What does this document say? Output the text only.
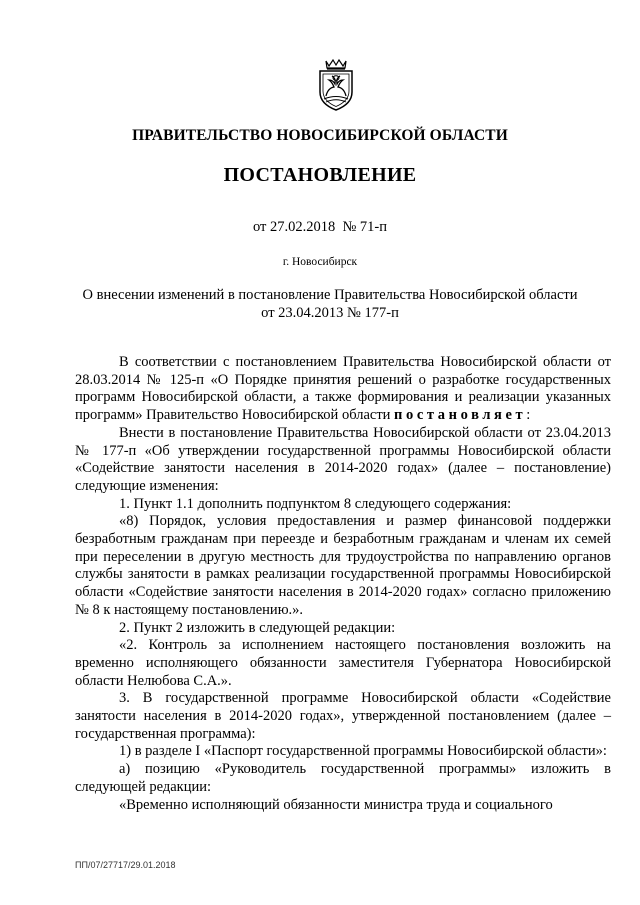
ПРАВИТЕЛЬСТВО НОВОСИБИРСКОЙ ОБЛАСТИ
ПОСТАНОВЛЕНИЕ
от 27.02.2018  № 71-п
г. Новосибирск
О внесении изменений в постановление Правительства Новосибирской области
от 23.04.2013 № 177-п

В соответствии с постановлением Правительства Новосибирской области от 28.03.2014 № 125-п «О Порядке принятия решений о разработке государственных программ Новосибирской области, а также формирования и реализации указанных программ» Правительство Новосибирской области постановляет:

Внести в постановление Правительства Новосибирской области от 23.04.2013 № 177-п «Об утверждении государственной программы Новосибирской области «Содействие занятости населения в 2014-2020 годах» (далее – постановление) следующие изменения:

1. Пункт 1.1 дополнить подпунктом 8 следующего содержания:

«8) Порядок, условия предоставления и размер финансовой поддержки безработным гражданам при переезде и безработным гражданам и членам их семей при переселении в другую местность для трудоустройства по направлению органов службы занятости в рамках реализации государственной программы Новосибирской области «Содействие занятости населения в 2014-2020 годах» согласно приложению № 8 к настоящему постановлению.».

2. Пункт 2 изложить в следующей редакции:

«2. Контроль за исполнением настоящего постановления возложить на временно исполняющего обязанности заместителя Губернатора Новосибирской области Нелюбова С.А.».

3. В государственной программе Новосибирской области «Содействие занятости населения в 2014-2020 годах», утвержденной постановлением (далее – государственная программа):

1) в разделе I «Паспорт государственной программы Новосибирской области»:

а) позицию «Руководитель государственной программы» изложить в следующей редакции:

«Временно исполняющий обязанности министра труда и социального

ПП/07/27717/29.01.2018
